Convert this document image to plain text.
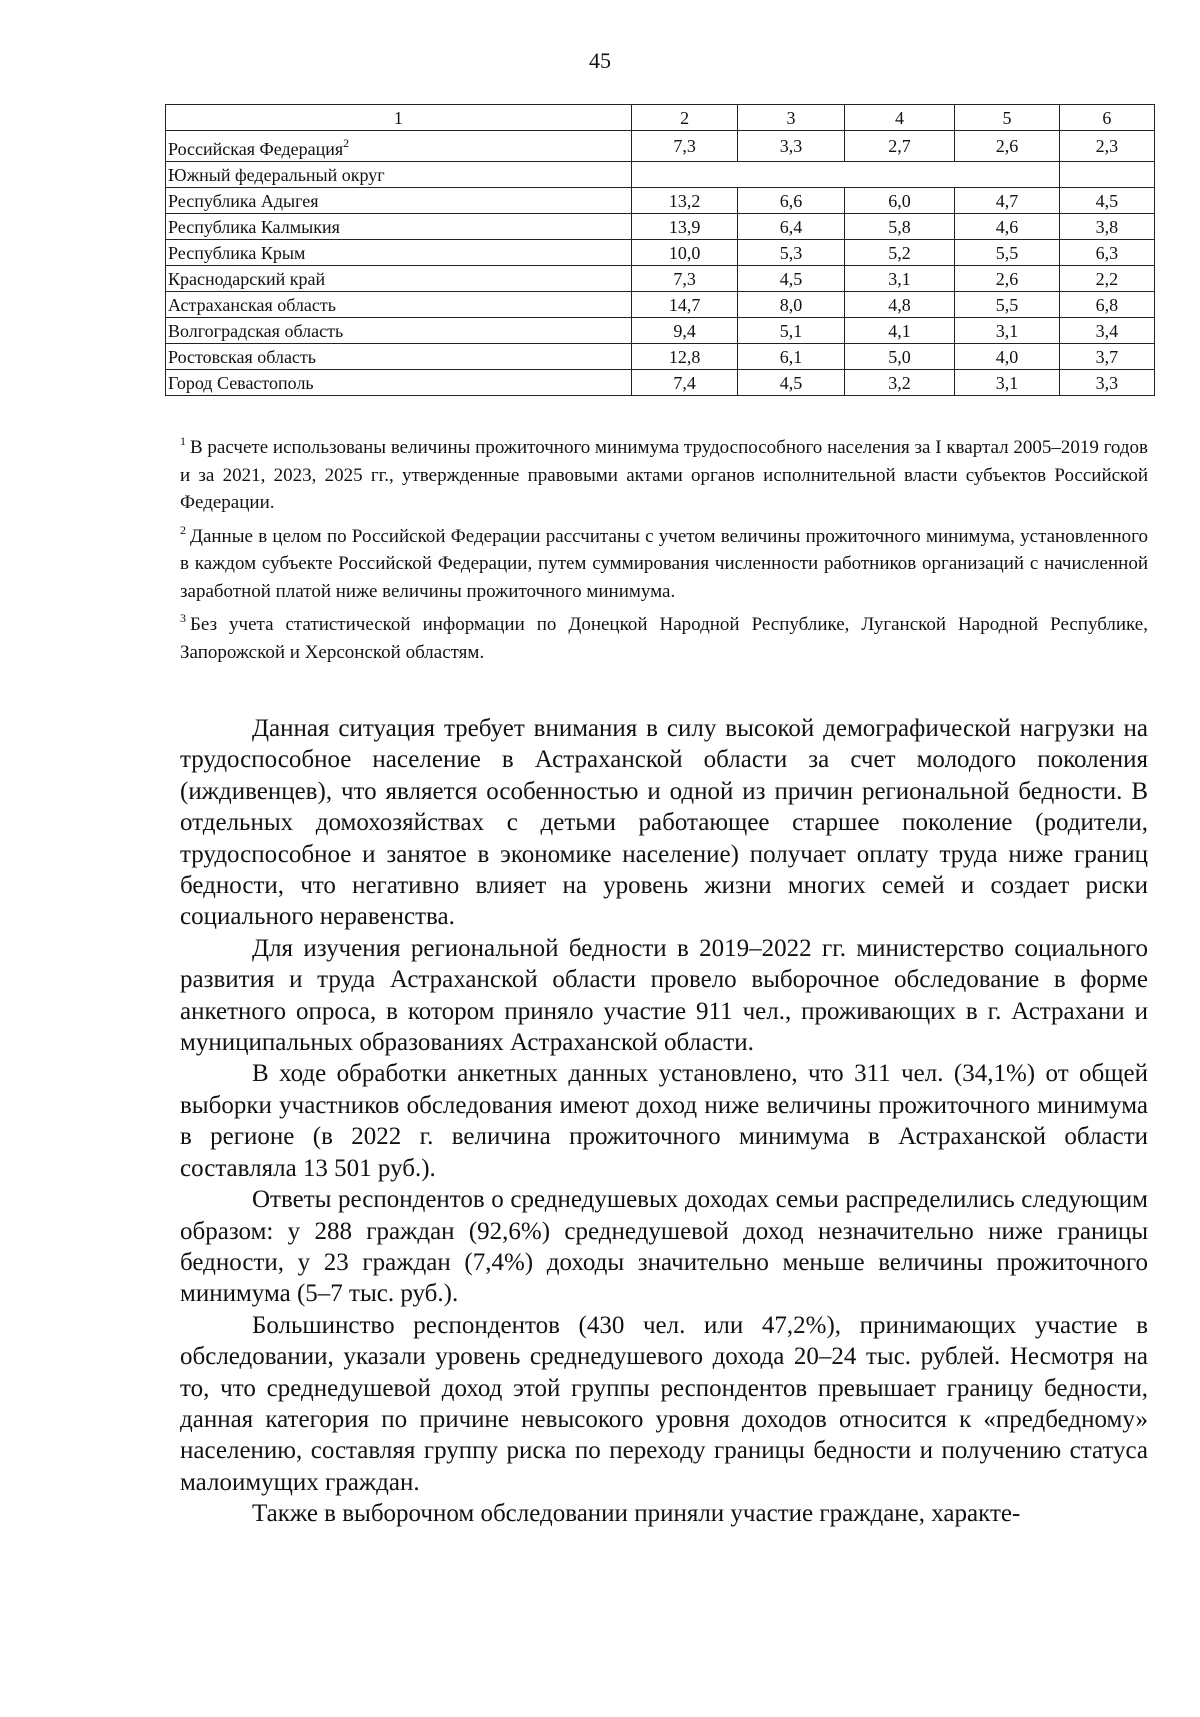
45
1	2	3	4	5	6
Российская Федерация$^2$	7,3	3,3	2,7	2,6	2,3
Южный федеральный округ					
Республика Адыгея	13,2	6,6	6,0	4,7	4,5
Республика Калмыкия	13,9	6,4	5,8	4,6	3,8
Республика Крым	10,0	5,3	5,2	5,5	6,3
Краснодарский край	7,3	4,5	3,1	2,6	2,2
Астраханская область	14,7	8,0	4,8	5,5	6,8
Волгоградская область	9,4	5,1	4,1	3,1	3,4
Ростовская область	12,8	6,1	5,0	4,0	3,7
Город Севастополь	7,4	4,5	3,2	3,1	3,3

$^1$ В расчете использованы величины прожиточного минимума трудоспособного населения за I квартал 2005–2019 годов и за 2021, 2023, 2025 гг., утвержденные правовыми актами органов исполнительной власти субъектов Российской Федерации.

$^2$ Данные в целом по Российской Федерации рассчитаны с учетом величины прожиточного минимума, установленного в каждом субъекте Российской Федерации, путем суммирования численности работников организаций с начисленной заработной платой ниже величины прожиточного минимума.

$^3$ Без учета статистической информации по Донецкой Народной Республике, Луганской Народной Республике, Запорожской и Херсонской областям.

Данная ситуация требует внимания в силу высокой демографической нагрузки на трудоспособное население в Астраханской области за счет молодого поколения (иждивенцев), что является особенностью и одной из причин региональной бедности. В отдельных домохозяйствах с детьми работающее старшее поколение (родители, трудоспособное и занятое в экономике население) получает оплату труда ниже границ бедности, что негативно влияет на уровень жизни многих семей и создает риски социального неравенства.

Для изучения региональной бедности в 2019–2022 гг. министерство социального развития и труда Астраханской области провело выборочное обследование в форме анкетного опроса, в котором приняло участие 911 чел., проживающих в г. Астрахани и муниципальных образованиях Астраханской области.

В ходе обработки анкетных данных установлено, что 311 чел. (34,1%) от общей выборки участников обследования имеют доход ниже величины прожиточного минимума в регионе (в 2022 г. величина прожиточного минимума в Астраханской области составляла 13 501 руб.).

Ответы респондентов о среднедушевых доходах семьи распределились следующим образом: у 288 граждан (92,6%) среднедушевой доход незначительно ниже границы бедности, у 23 граждан (7,4%) доходы значительно меньше величины прожиточного минимума (5–7 тыс. руб.).

Большинство респондентов (430 чел. или 47,2%), принимающих участие в обследовании, указали уровень среднедушевого дохода 20–24 тыс. рублей. Несмотря на то, что среднедушевой доход этой группы респондентов превышает границу бедности, данная категория по причине невысокого уровня доходов относится к «предбедному» населению, составляя группу риска по переходу границы бедности и получению статуса малоимущих граждан.

Также в выборочном обследовании приняли участие граждане, характе-
